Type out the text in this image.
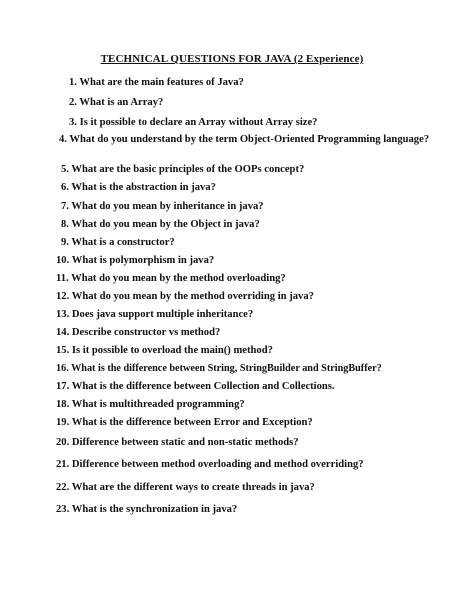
TECHNICAL QUESTIONS FOR JAVA (2 Experience)
1. What are the main features of Java?
2. What is an Array?
3. Is it possible to declare an Array without Array size?
4. What do you understand by the term Object-Oriented Programming language?
5. What are the basic principles of the OOPs concept?
6. What is the abstraction in java?
7. What do you mean by inheritance in java?
8. What do you mean by the Object in java?
9. What is a constructor?
10. What is polymorphism in java?
11. What do you mean by the method overloading?
12. What do you mean by the method overriding in java?
13. Does java support multiple inheritance?
14. Describe constructor vs method?
15. Is it possible to overload the main() method?
16. What is the difference between String, StringBuilder and StringBuffer?
17. What is the difference between Collection and Collections.
18. What is multithreaded programming?
19. What is the difference between Error and Exception?
20. Difference between static and non-static methods?
21. Difference between method overloading and method overriding?
22. What are the different ways to create threads in java?
23. What is the synchronization in java?
